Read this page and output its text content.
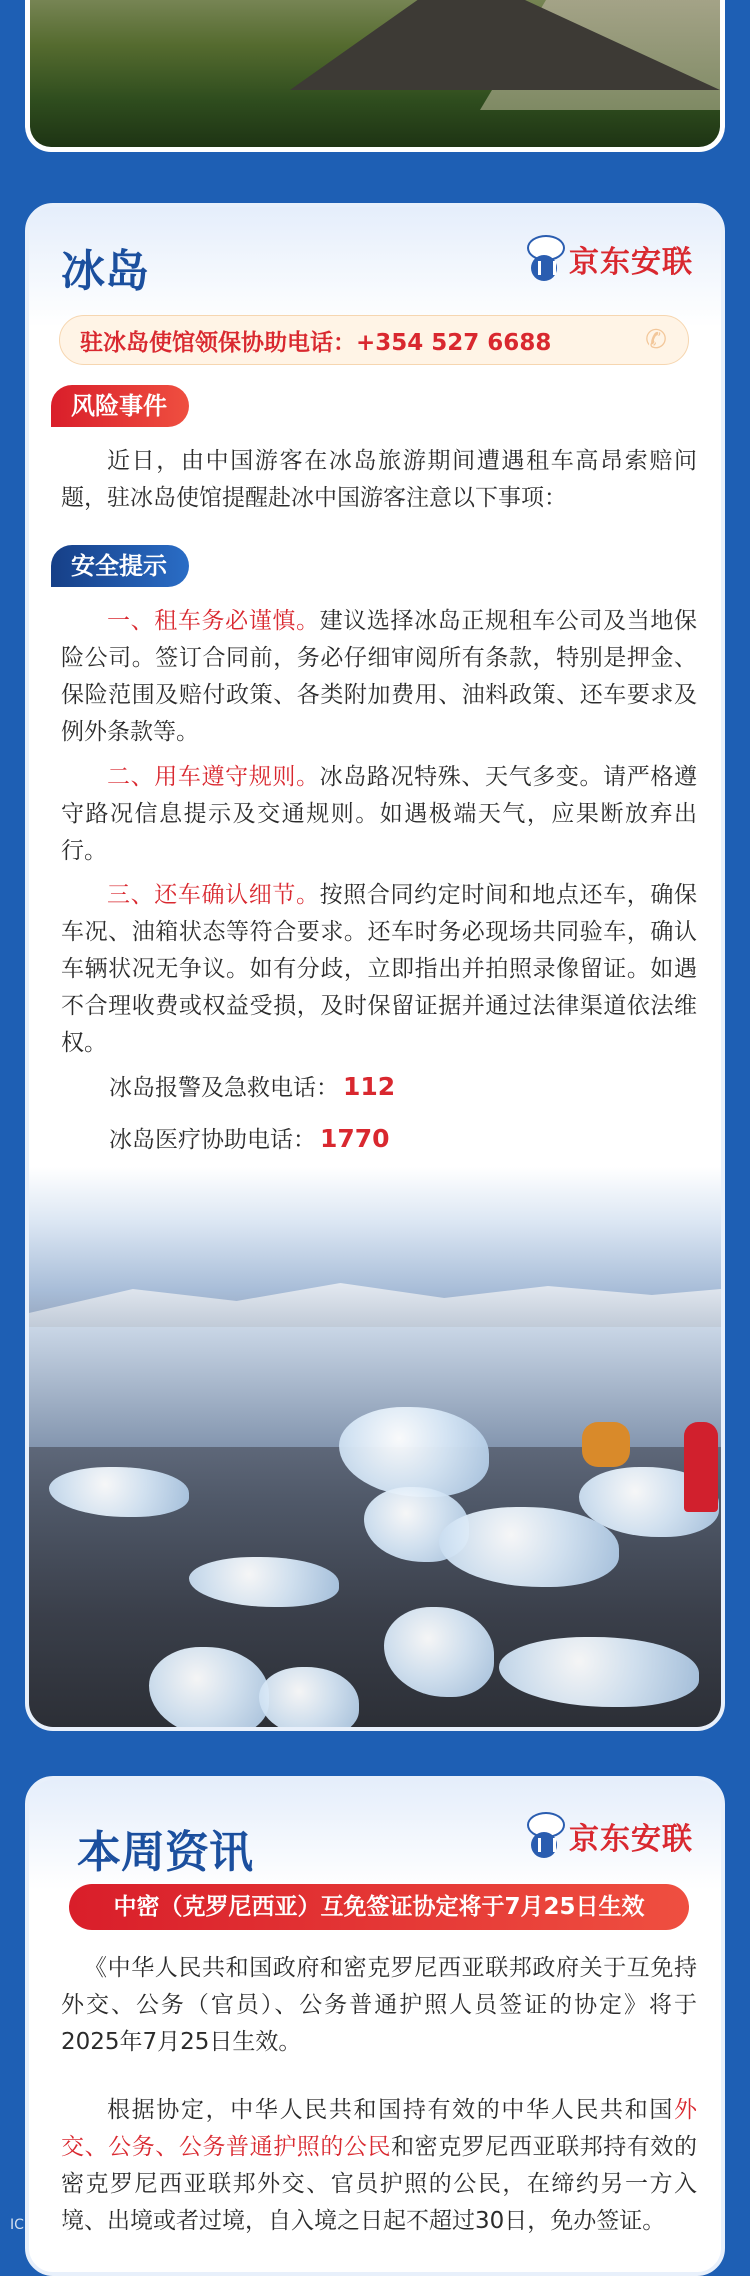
冰岛	京东安联
驻冰岛使馆领保协助电话：+354 527 6688	✆
风险事件
近日，由中国游客在冰岛旅游期间遭遇租车高昂索赔问题，驻冰岛使馆提醒赴冰中国游客注意以下事项：
安全提示
一、租车务必谨慎。建议选择冰岛正规租车公司及当地保险公司。签订合同前，务必仔细审阅所有条款，特别是押金、保险范围及赔付政策、各类附加费用、油料政策、还车要求及例外条款等。
二、用车遵守规则。冰岛路况特殊、天气多变。请严格遵守路况信息提示及交通规则。如遇极端天气，应果断放弃出行。
三、还车确认细节。按照合同约定时间和地点还车，确保车况、油箱状态等符合要求。还车时务必现场共同验车，确认车辆状况无争议。如有分歧，立即指出并拍照录像留证。如遇不合理收费或权益受损，及时保留证据并通过法律渠道依法维权。
冰岛报警及急救电话： 112
冰岛医疗协助电话： 1770
本周资讯	京东安联
中密（克罗尼西亚）互免签证协定将于7月25日生效
《中华人民共和国政府和密克罗尼西亚联邦政府关于互免持外交、公务（官员）、公务普通护照人员签证的协定》将于2025年7月25日生效。
根据协定，中华人民共和国持有效的中华人民共和国外交、公务、公务普通护照的公民和密克罗尼西亚联邦持有效的密克罗尼西亚联邦外交、官员护照的公民，在缔约另一方入境、出境或者过境，自入境之日起不超过30日，免办签证。
IC 乐游网
